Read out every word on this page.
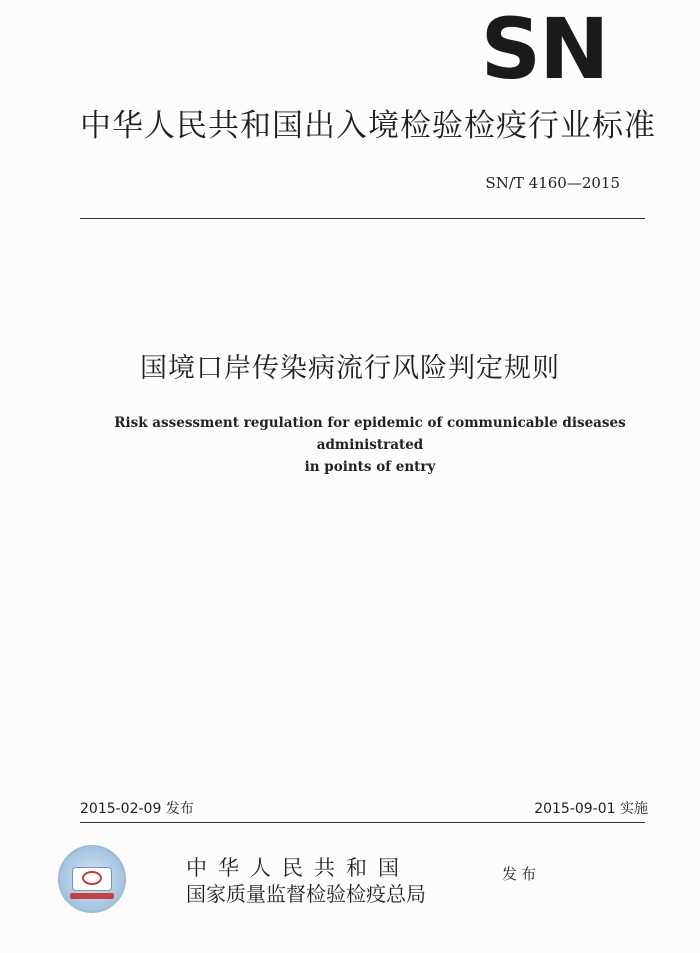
SN
中华人民共和国出入境检验检疫行业标准
SN/T 4160—2015
国境口岸传染病流行风险判定规则
Risk assessment regulation for epidemic of communicable diseases administrated
in points of entry
2015-02-09 发布	2015-09-01 实施
中华人民共和国
国家质量监督检验检疫总局
发布
